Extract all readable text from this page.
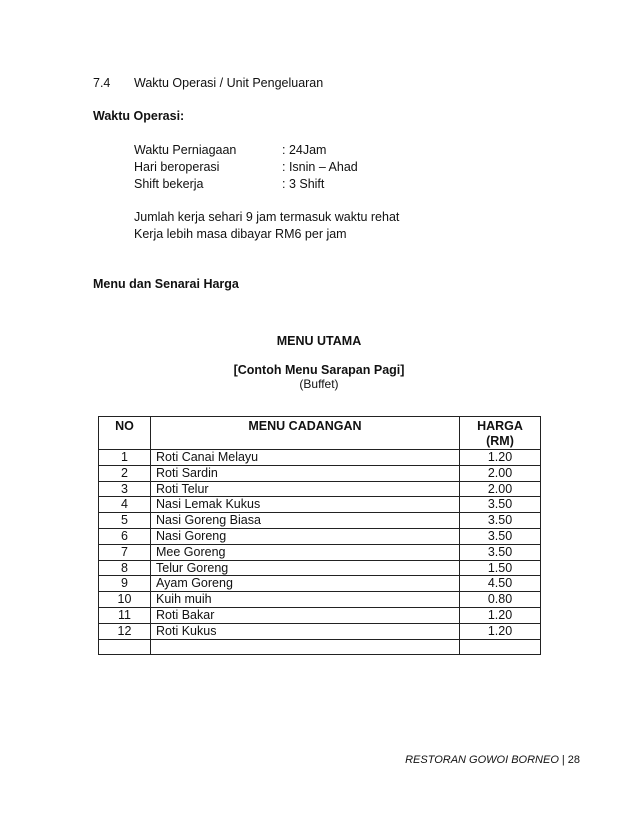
7.4 Waktu Operasi / Unit Pengeluaran
Waktu Operasi:
Waktu Perniagaan	: 24Jam
Hari beroperasi	: Isnin – Ahad
Shift bekerja	: 3 Shift
Jumlah kerja sehari 9 jam termasuk waktu rehat
Kerja lebih masa dibayar RM6 per jam
Menu dan Senarai Harga
MENU UTAMA
[Contoh Menu Sarapan Pagi]
(Buffet)
NO	MENU CADANGAN	HARGA
(RM)
1	Roti Canai Melayu	1.20
2	Roti Sardin	2.00
3	Roti Telur	2.00
4	Nasi Lemak Kukus	3.50
5	Nasi Goreng Biasa	3.50
6	Nasi Goreng	3.50
7	Mee Goreng	3.50
8	Telur Goreng	1.50
9	Ayam Goreng	4.50
10	Kuih muih	0.80
11	Roti Bakar	1.20
12	Roti Kukus	1.20

RESTORAN GOWOI BORNEO | 28
